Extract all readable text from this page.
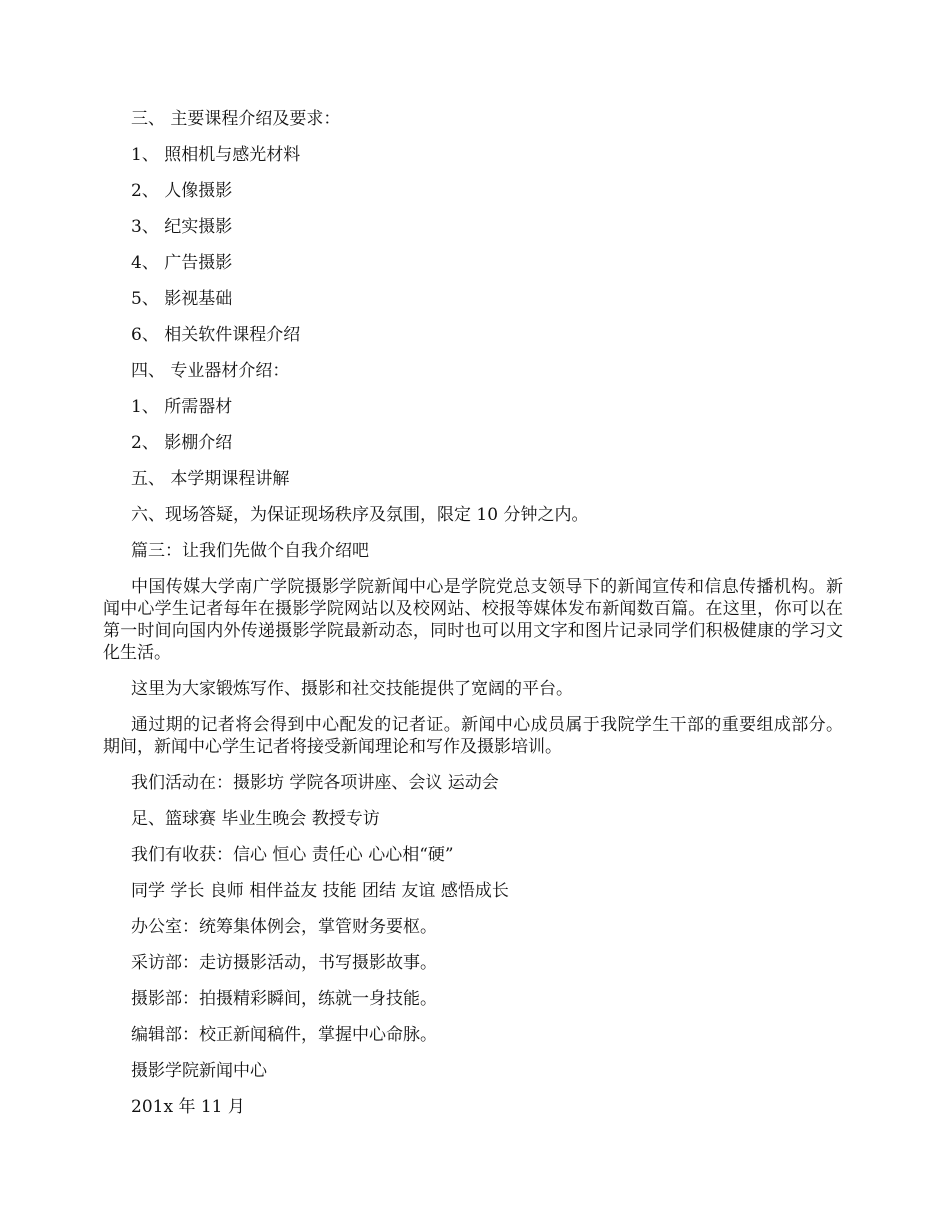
三、 主要课程介绍及要求：

1、 照相机与感光材料

2、 人像摄影

3、 纪实摄影

4、 广告摄影

5、 影视基础

6、 相关软件课程介绍

四、 专业器材介绍：

1、 所需器材

2、 影棚介绍

五、 本学期课程讲解

六、现场答疑，为保证现场秩序及氛围，限定 10 分钟之内。

篇三：让我们先做个自我介绍吧

中国传媒大学南广学院摄影学院新闻中心是学院党总支领导下的新闻宣传和信息传播机构。新闻中心学生记者每年在摄影学院网站以及校网站、校报等媒体发布新闻数百篇。在这里，你可以在第一时间向国内外传递摄影学院最新动态，同时也可以用文字和图片记录同学们积极健康的学习文化生活。

这里为大家锻炼写作、摄影和社交技能提供了宽阔的平台。

通过期的记者将会得到中心配发的记者证。新闻中心成员属于我院学生干部的重要组成部分。期间，新闻中心学生记者将接受新闻理论和写作及摄影培训。

我们活动在：摄影坊 学院各项讲座、会议 运动会

足、篮球赛 毕业生晚会 教授专访

我们有收获：信心 恒心 责任心 心心相“硬”

同学 学长 良师 相伴益友 技能 团结 友谊 感悟成长

办公室：统筹集体例会，掌管财务要枢。

采访部：走访摄影活动，书写摄影故事。

摄影部：拍摄精彩瞬间，练就一身技能。

编辑部：校正新闻稿件，掌握中心命脉。

摄影学院新闻中心

201x 年 11 月
